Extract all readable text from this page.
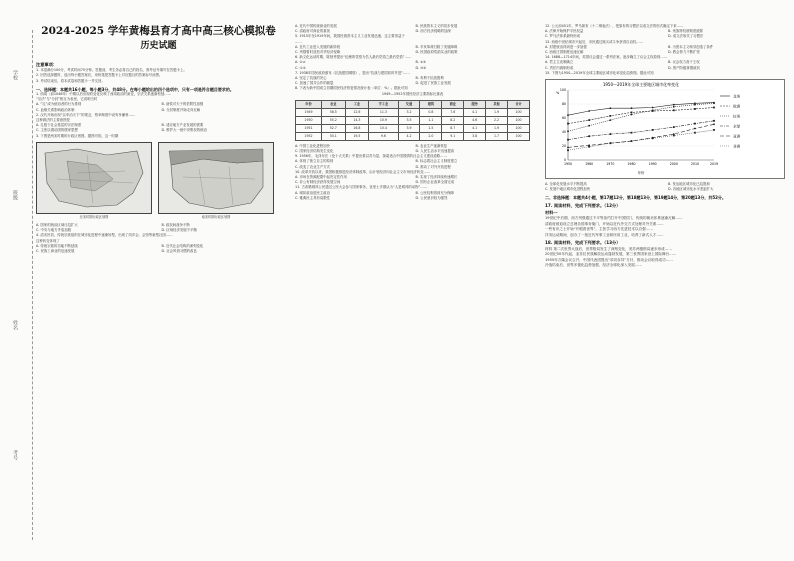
学校
班级
姓名
考号
2024-2025 学年黄梅县育才高中高三核心模拟卷
历史试题
注意事项：
1. 本卷满分100分，考试时间75分钟。答题前，考生务必将自己的姓名、准考证号填写在答题卡上。
2. 回答选择题时，选出每小题答案后，用铅笔把答题卡上对应题目的答案标号涂黑。
3. 考试结束后，将本试卷和答题卡一并交回。
一、选择题：本题共16小题，每小题3分，共48分。在每小题给出的四个选项中，只有一项是符合题目要求的。
1. 西周（前1046年）中期以后出现的变化反映了西周政治的演变，宗法关系逐渐松弛……
“宗法”与“分封”相互为表里，它说明当时
A. “礼”成为统治者的行为准则	B. 诸侯对天子的依附性加强
C. 血缘关系影响政治体制	D. 分封制度开始走向瓦解
2. 汉代开始出现“以孝治天下”的观念，察举制度中设有孝廉科……
这种做法的主要意图是
A. 扎根于社会基层的宗法制度	B. 适应地方产业发展的需要
C. 主张以德治国的儒家思想	D. 维护大一统中央集权的统治
3. 下图是两宋时期的行政区划图。据图可知，这一时期
北宋时期行政区划图	南宋时期行政区划图
A. 国家的统治区域日趋扩大	B. 政权间战争不断
C. 中央与地方矛盾加剧	D. 区域经济发展不平衡
4. 清末民初，传统宗族组织在城市化进程中逐渐转型，出现了同乡会、会馆等新型社团……
这种转变体现了
A. 传统宗族的功能不断延续	B. 近代社会结构的深刻变化
C. 民族工商业的迅速发展	D. 社会风俗习惯的改良
A. 近代中国传统商业的发展	B. 民族资本主义的初步发展
C. 清政府对商业的重视	D. 西方经济侵略的加深
5. 1915年至1919年间，我国民族资本主义工业发展迅速，这主要得益于
……
A. 近代工业进入发展的新阶段	B. 辛亥革命扫除了发展障碍
C. 列强暂时放松对华经济侵略	D. 民国政府奖励实业的政策
6. 新文化运动时期，陈独秀提出“伦理的觉悟为吾人最后觉悟之最后觉悟”……
A. ①②	B. ②③
C. ①③	D. ③④
7. 1938年国民政府颁布《抗战建国纲领》，提出“抗战与建国同时并进”……
A. 坚定了抗战的决心	B. 有利于抗战胜利
C. 加速了国共合作的破裂	D. 促进了民族工业发展
8. 下表为新中国成立初期国民经济恢复情况统计表（单位：%）。据此可知
1949—1952年国民经济主要指标比重表
年份	农业	工业	手工业	交通	建筑	商业	服务	其他	合计
1949	58.5	12.6	11.3	3.2	0.8	7.6	4.1	1.9	100
1950	55.2	14.3	10.9	3.5	1.1	8.2	4.6	2.2	100
1951	52.7	16.8	10.4	3.9	1.5	8.7	4.1	1.9	100
1952	50.1	19.5	9.6	4.2	2.0	9.1	3.8	1.7	100
A. 中国工业化进程加快	B. 农业生产逐渐恢复
C. 国家经济结构发生变化	D. 人民生活水平迅速提高
9. 1956年，毛泽东在《论十大关系》中提出要以苏为鉴，探索适合中国国情的社会主义建设道路……
A. 体现了独立自主的原则	B. 标志着社会主义制度建立
C. 改变了农业生产方式	D. 推动了对外开放进程
10. 改革开放以来，我国积极推进经济体制改革，由计划经济向社会主义市场经济转变……
A. 市场在资源配置中起决定性作用	B. 实现了经济持续快速增长
C. 非公有制经济获得发展空间	D. 国有企业改革全面完成
11. 古希腊城邦公民通过公民大会参与国家事务，亚里士多德认为“人是城邦的动物”……
A. 城邦政治是民主政治	B. 公民权利得到充分保障
C. 雅典民主具有局限性	D. 公民意识较为强烈
12. 公元前451年，罗马颁布《十二铜表法》，把原有的习惯法以成文法的形式确定下来……
A. 法律开始保护平民权益	B. 贵族特权被彻底废除
C. 罗马法体系最终形成	D. 成文法取代了习惯法
13. 西欧中世纪城市兴起后，市民通过赎买或斗争获得自治权……
A. 封建统治得到进一步加强	B. 为资本主义萌芽创造了条件
C. 西欧庄园制度迅速瓦解	D. 教会势力不断扩张
14. 1688—1714年间，英国议会通过一系列法案，逐步确立了议会主权原则……
A. 君主立宪制确立	B. 议会权力高于王权
C. 责任内阁制形成	D. 资产阶级掌握政权
15. 下图为1950—2019年全球主要地区城市化率变化趋势图。据此可知
1950—2019年全球主要地区城市化率变化
0
20
40
60
80
100
1950	1960	1970	1980	1990	2000	2010	2019
年份
%
北美
欧洲
拉美
全球
亚洲
非洲
A. 全球化发展水平不断提高	B. 发达地区城市化已趋饱和
C. 发展中地区城市化进程加快	D. 各地区城市化水平差距扩大
二、非选择题：本题共4小题，第17题12分，第18题13分，第19题14分，第20题13分，共52分。
17. 阅读材料，完成下列要求。（12分）
材料一
19世纪中后期，西方列强通过不平等条约打开中国国门，传统的朝贡体系逐渐瓦解……
清政府被迫设立总理各国事务衙门，开始以近代外交方式处理对外关系……
一些有识之士开始“开眼看世界”，主张学习西方先进技术以自强……
洋务运动期间，创办了一批近代军事工业和民用工业，培养了新式人才……
18. 阅读材料，完成下列要求。（13分）
材料 第二次世界大战后，世界格局发生了深刻变化，美苏两极格局逐步形成……
20世纪50年代起，亚非拉民族解放运动蓬勃发展，第三世界国家登上国际舞台……
1955年万隆会议召开，中国代表团提出“求同存异”方针，推动会议取得成功……
冷战结束后，世界多极化趋势加强，经济全球化深入发展……
